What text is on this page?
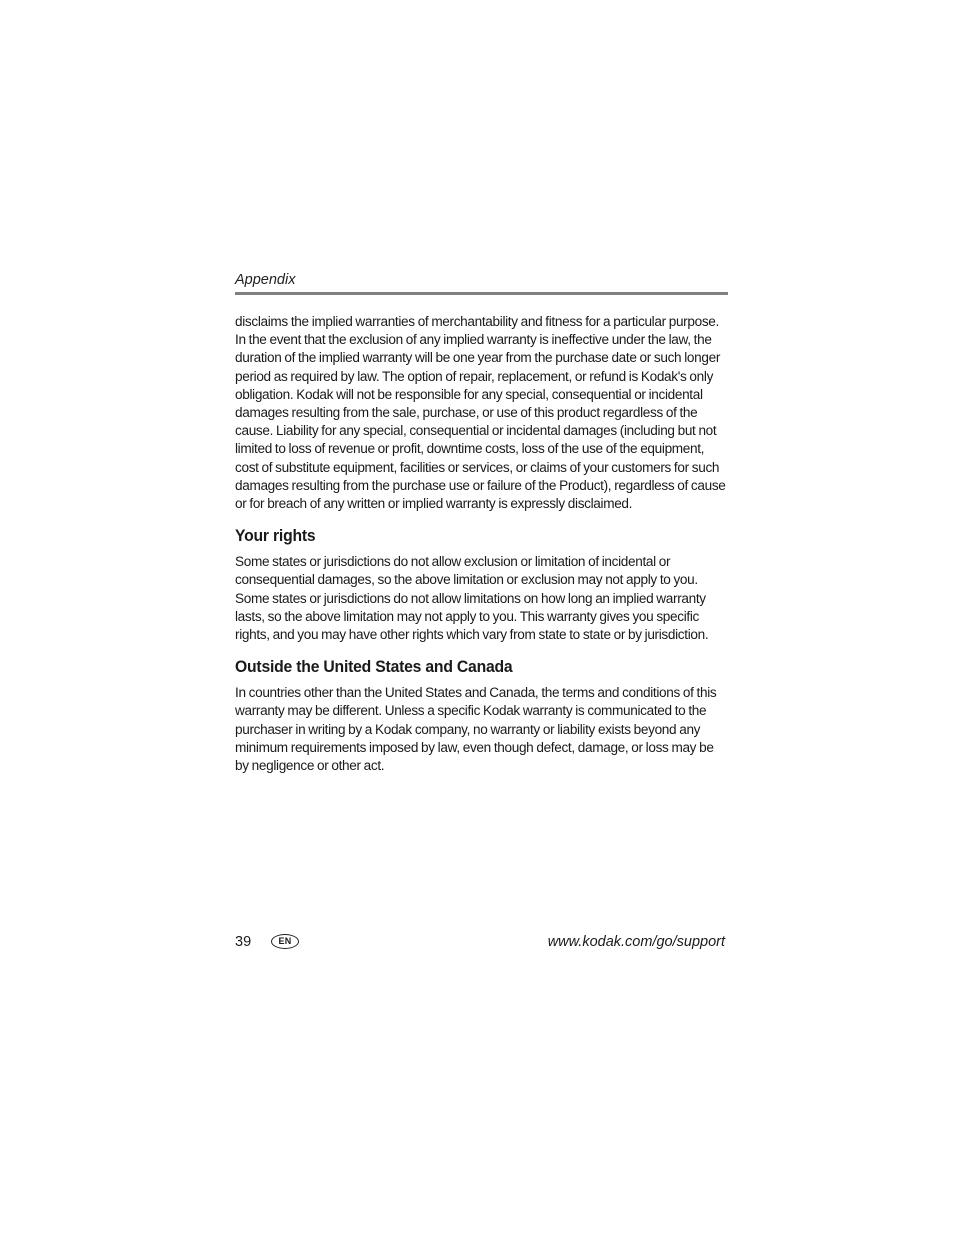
Appendix

disclaims the implied warranties of merchantability and fitness for a particular purpose. In the event that the exclusion of any implied warranty is ineffective under the law, the duration of the implied warranty will be one year from the purchase date or such longer period as required by law. The option of repair, replacement, or refund is Kodak's only obligation. Kodak will not be responsible for any special, consequential or incidental damages resulting from the sale, purchase, or use of this product regardless of the cause. Liability for any special, consequential or incidental damages (including but not limited to loss of revenue or profit, downtime costs, loss of the use of the equipment, cost of substitute equipment, facilities or services, or claims of your customers for such damages resulting from the purchase use or failure of the Product), regardless of cause or for breach of any written or implied warranty is expressly disclaimed.

Your rights

Some states or jurisdictions do not allow exclusion or limitation of incidental or consequential damages, so the above limitation or exclusion may not apply to you. Some states or jurisdictions do not allow limitations on how long an implied warranty lasts, so the above limitation may not apply to you. This warranty gives you specific rights, and you may have other rights which vary from state to state or by jurisdiction.

Outside the United States and Canada

In countries other than the United States and Canada, the terms and conditions of this warranty may be different. Unless a specific Kodak warranty is communicated to the purchaser in writing by a Kodak company, no warranty or liability exists beyond any minimum requirements imposed by law, even though defect, damage, or loss may be by negligence or other act.

39	EN	www.kodak.com/go/support
